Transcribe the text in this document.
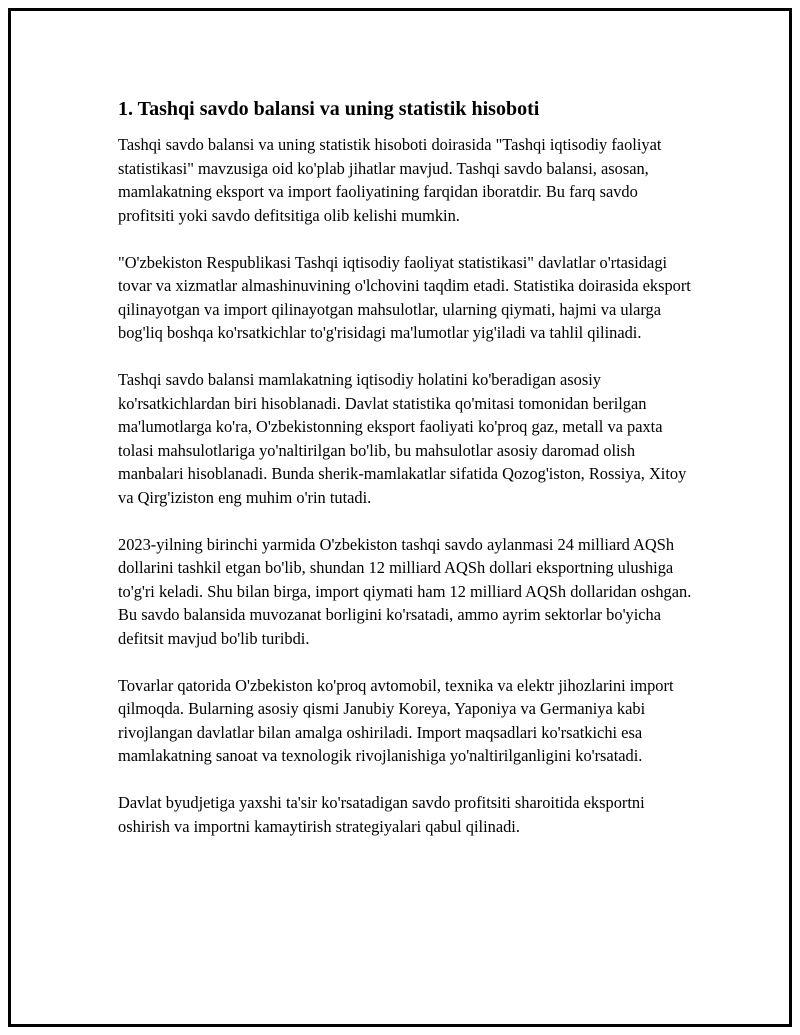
1. Tashqi savdo balansi va uning statistik hisoboti

Tashqi savdo balansi va uning statistik hisoboti doirasida "Tashqi iqtisodiy faoliyat statistikasi" mavzusiga oid ko'plab jihatlar mavjud. Tashqi savdo balansi, asosan, mamlakatning eksport va import faoliyatining farqidan iboratdir. Bu farq savdo profitsiti yoki savdo defitsitiga olib kelishi mumkin.

"O'zbekiston Respublikasi Tashqi iqtisodiy faoliyat statistikasi" davlatlar o'rtasidagi tovar va xizmatlar almashinuvining o'lchovini taqdim etadi. Statistika doirasida eksport qilinayotgan va import qilinayotgan mahsulotlar, ularning qiymati, hajmi va ularga bog'liq boshqa ko'rsatkichlar to'g'risidagi ma'lumotlar yig'iladi va tahlil qilinadi.

Tashqi savdo balansi mamlakatning iqtisodiy holatini ko'beradigan asosiy ko'rsatkichlardan biri hisoblanadi. Davlat statistika qo'mitasi tomonidan berilgan ma'lumotlarga ko'ra, O'zbekistonning eksport faoliyati ko'proq gaz, metall va paxta tolasi mahsulotlariga yo'naltirilgan bo'lib, bu mahsulotlar asosiy daromad olish manbalari hisoblanadi. Bunda sherik-mamlakatlar sifatida Qozog'iston, Rossiya, Xitoy va Qirg'iziston eng muhim o'rin tutadi.

2023-yilning birinchi yarmida O'zbekiston tashqi savdo aylanmasi 24 milliard AQSh dollarini tashkil etgan bo'lib, shundan 12 milliard AQSh dollari eksportning ulushiga to'g'ri keladi. Shu bilan birga, import qiymati ham 12 milliard AQSh dollaridan oshgan. Bu savdo balansida muvozanat borligini ko'rsatadi, ammo ayrim sektorlar bo'yicha defitsit mavjud bo'lib turibdi.

Tovarlar qatorida O'zbekiston ko'proq avtomobil, texnika va elektr jihozlarini import qilmoqda. Bularning asosiy qismi Janubiy Koreya, Yaponiya va Germaniya kabi rivojlangan davlatlar bilan amalga oshiriladi. Import maqsadlari ko'rsatkichi esa mamlakatning sanoat va texnologik rivojlanishiga yo'naltirilganligini ko'rsatadi.

Davlat byudjetiga yaxshi ta'sir ko'rsatadigan savdo profitsiti sharoitida eksportni oshirish va importni kamaytirish strategiyalari qabul qilinadi.
